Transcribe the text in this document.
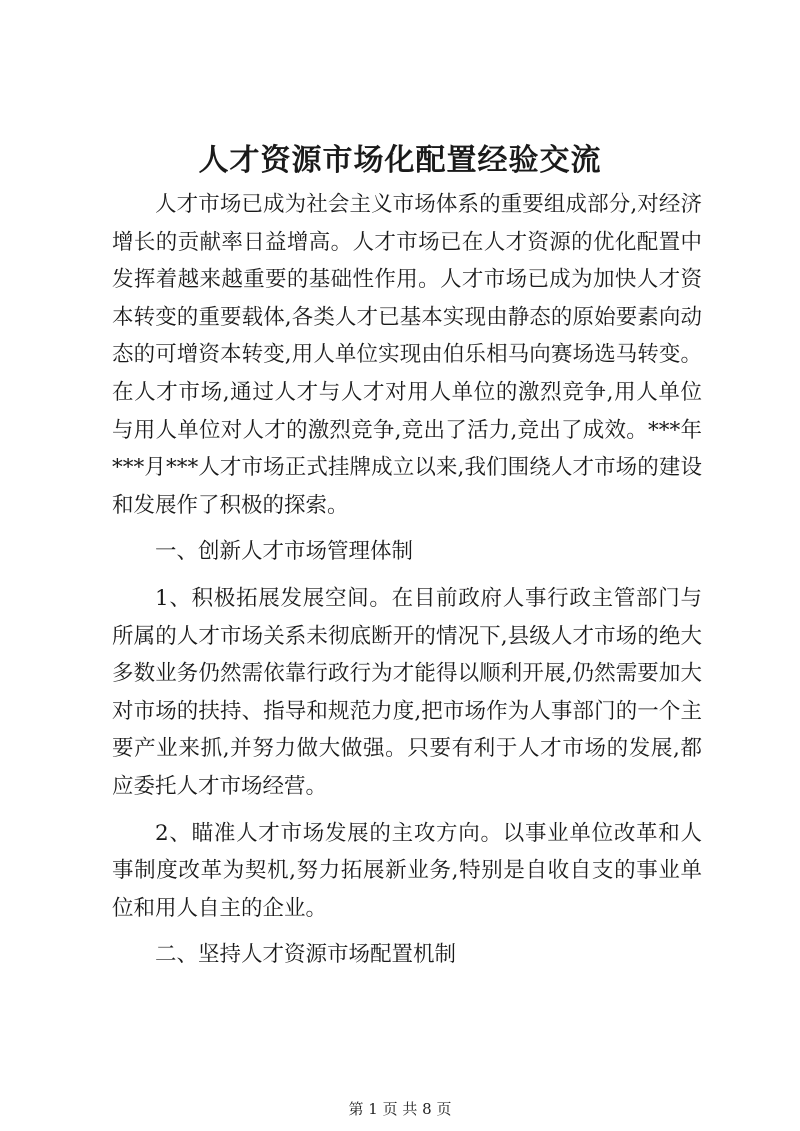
人才资源市场化配置经验交流

人才市场已成为社会主义市场体系的重要组成部分,对经济增长的贡献率日益增高。人才市场已在人才资源的优化配置中发挥着越来越重要的基础性作用。人才市场已成为加快人才资本转变的重要载体,各类人才已基本实现由静态的原始要素向动态的可增资本转变,用人单位实现由伯乐相马向赛场选马转变。在人才市场,通过人才与人才对用人单位的激烈竞争,用人单位与用人单位对人才的激烈竞争,竞出了活力,竞出了成效。***年***月***人才市场正式挂牌成立以来,我们围绕人才市场的建设和发展作了积极的探索。

一、创新人才市场管理体制

1、积极拓展发展空间。在目前政府人事行政主管部门与所属的人才市场关系未彻底断开的情况下,县级人才市场的绝大多数业务仍然需依靠行政行为才能得以顺利开展,仍然需要加大对市场的扶持、指导和规范力度,把市场作为人事部门的一个主要产业来抓,并努力做大做强。只要有利于人才市场的发展,都应委托人才市场经营。

2、瞄准人才市场发展的主攻方向。以事业单位改革和人事制度改革为契机,努力拓展新业务,特别是自收自支的事业单位和用人自主的企业。

二、坚持人才资源市场配置机制

第 1 页 共 8 页
